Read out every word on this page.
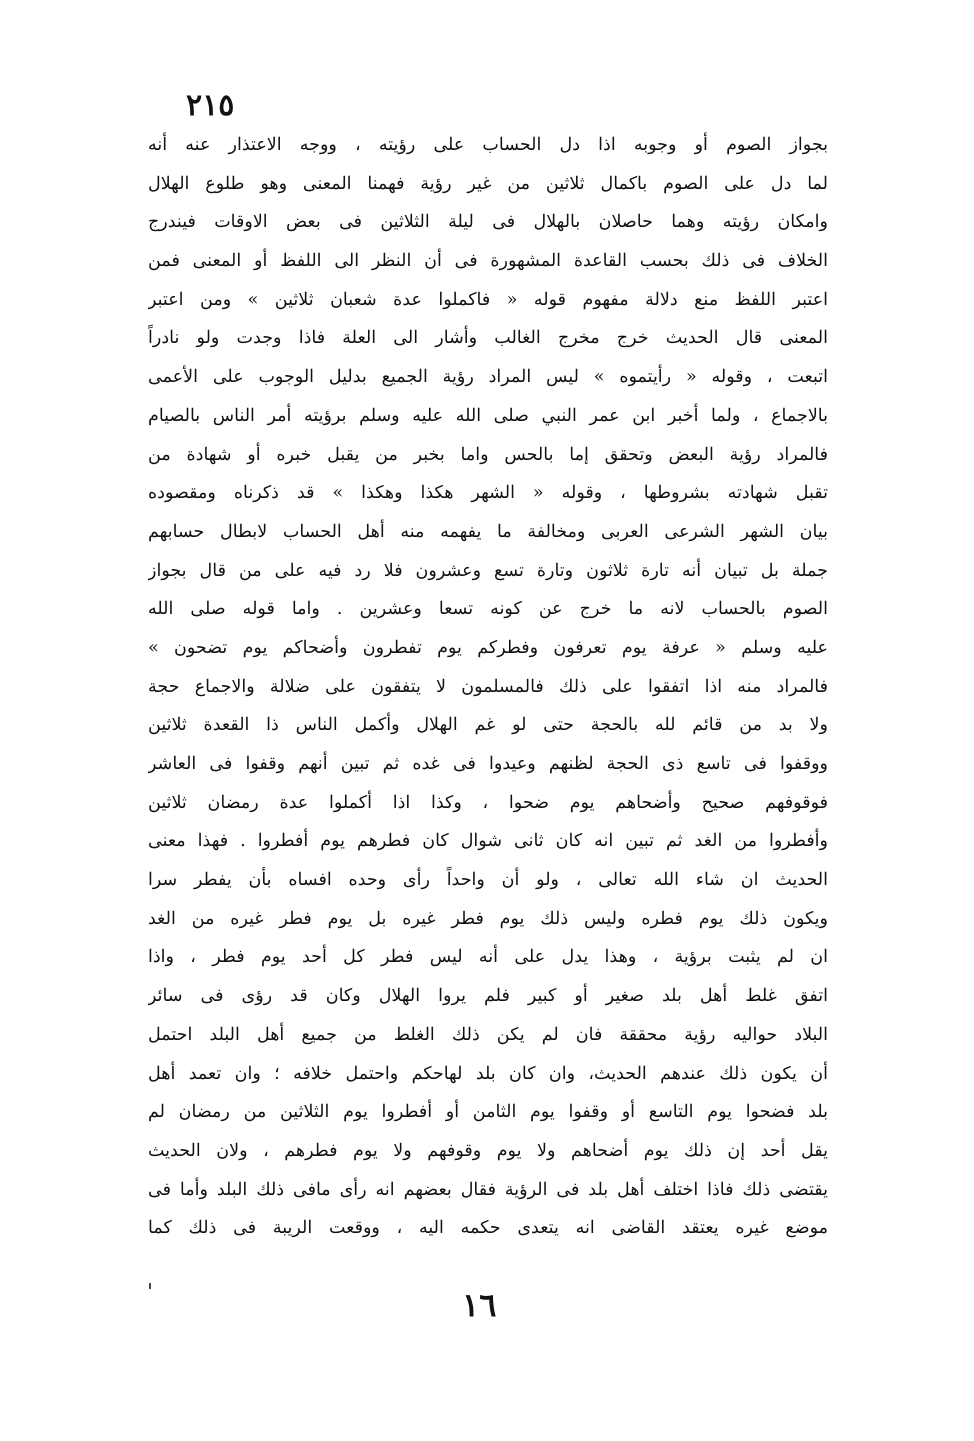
٢١٥
بجواز الصوم أو وجوبه اذا دل الحساب على رؤيته ، ووجه الاعتذار عنه أنه
لما دل على الصوم باكمال ثلاثين من غير رؤية فهمنا المعنى وهو طلوع الهلال
وامكان رؤيته وهما حاصلان بالهلال فى ليلة الثلاثين فى بعض الاوقات فيندرج
الخلاف فى ذلك بحسب القاعدة المشهورة فى أن النظر الى اللفظ أو المعنى فمن
اعتبر اللفظ منع دلالة مفهوم قوله « فاكملوا عدة شعبان ثلاثين » ومن اعتبر
المعنى قال الحديث خرج مخرج الغالب وأشار الى العلة فاذا وجدت ولو نادراً
اتبعت ، وقوله « رأيتموه » ليس المراد رؤية الجميع بدليل الوجوب على الأعمى
بالاجماع ، ولما أخبر ابن عمر النبي صلى الله عليه وسلم برؤيته أمر الناس بالصيام
فالمراد رؤية البعض وتحقق إما بالحس واما بخبر من يقبل خبره أو شهادة من
تقبل شهادته بشروطها ، وقوله « الشهر هكذا وهكذا » قد ذكرناه ومقصوده
بيان الشهر الشرعى العربى ومخالفة ما يفهمه منه أهل الحساب لابطال حسابهم
جملة بل تبيان أنه تارة ثلاثون وتارة تسع وعشرون فلا رد فيه على من قال بجواز
الصوم بالحساب لانه ما خرج عن كونه تسعا وعشرين . واما قوله صلى الله
عليه وسلم « عرفة يوم تعرفون وفطركم يوم تفطرون وأضحاكم يوم تضحون »
فالمراد منه اذا اتفقوا على ذلك فالمسلمون لا يتفقون على ضلالة والاجماع حجة
ولا بد من قائم لله بالحجة حتى لو غم الهلال وأكمل الناس ذا القعدة ثلاثين
ووقفوا فى تاسع ذى الحجة لظنهم وعيدوا فى غده ثم تبين أنهم وقفوا فى العاشر
فوقوفهم صحيح وأضحاهم يوم ضحوا ، وكذا اذا أكملوا عدة رمضان ثلاثين
وأفطروا من الغد ثم تبين انه كان ثانى شوال كان فطرهم يوم أفطروا . فهذا معنى
الحديث ان شاء الله تعالى ، ولو أن واحداً رأى وحده افساه بأن يفطر سرا
ويكون ذلك يوم فطره وليس ذلك يوم فطر غيره بل يوم فطر غيره من الغد
ان لم يثبت برؤية ، وهذا يدل على أنه ليس فطر كل أحد يوم فطر ، واذا
اتفق غلط أهل بلد صغير أو كبير فلم يروا الهلال وكان قد رؤى فى سائر
البلاد حواليه رؤية محققة فان لم يكن ذلك الغلط من جميع أهل البلد احتمل
أن يكون ذلك عندهم الحديث، وان كان بلد لهاحكم واحتمل خلافه ؛ وان تعمد أهل
بلد فضحوا يوم التاسع أو وقفوا يوم الثامن أو أفطروا يوم الثلاثين من رمضان لم
يقل أحد إن ذلك يوم أضحاهم ولا يوم وقوفهم ولا يوم فطرهم ، ولان الحديث
يقتضى ذلك فاذا اختلف أهل بلد فى الرؤية فقال بعضهم انه رأى مافى ذلك البلد وأما فى
موضع غيره يعتقد القاضى انه يتعدى حكمه اليه ، ووقعت الريبة فى ذلك كما
١٦
